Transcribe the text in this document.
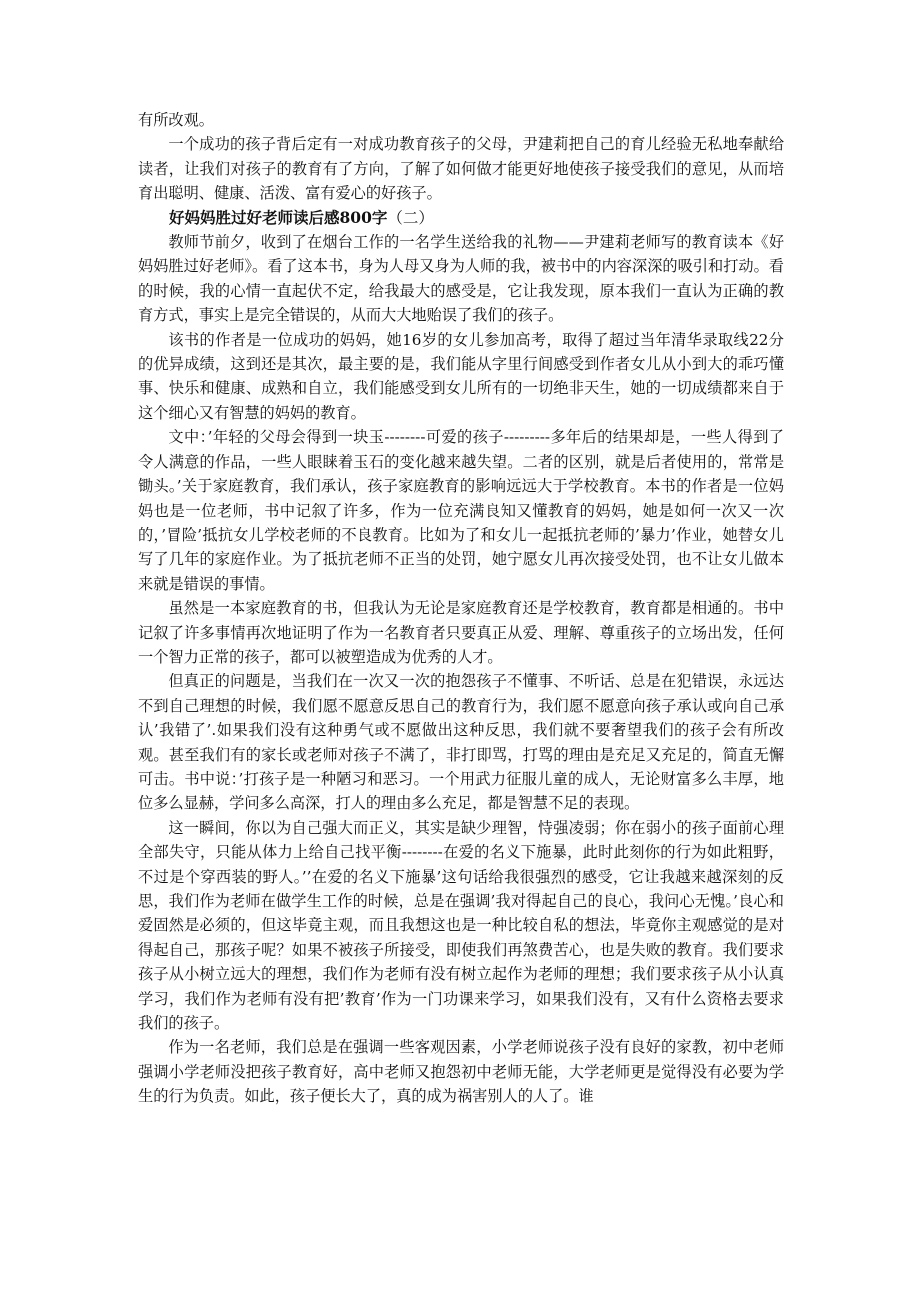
有所改观。

一个成功的孩子背后定有一对成功教育孩子的父母，尹建莉把自己的育儿经验无私地奉献给读者，让我们对孩子的教育有了方向，了解了如何做才能更好地使孩子接受我们的意见，从而培育出聪明、健康、活泼、富有爱心的好孩子。

好妈妈胜过好老师读后感800字（二）

教师节前夕，收到了在烟台工作的一名学生送给我的礼物——尹建莉老师写的教育读本《好妈妈胜过好老师》。看了这本书，身为人母又身为人师的我，被书中的内容深深的吸引和打动。看的时候，我的心情一直起伏不定，给我最大的感受是，它让我发现，原本我们一直认为正确的教育方式，事实上是完全错误的，从而大大地贻误了我们的孩子。

该书的作者是一位成功的妈妈，她16岁的女儿参加高考，取得了超过当年清华录取线22分的优异成绩，这到还是其次，最主要的是，我们能从字里行间感受到作者女儿从小到大的乖巧懂事、快乐和健康、成熟和自立，我们能感受到女儿所有的一切绝非天生，她的一切成绩都来自于这个细心又有智慧的妈妈的教育。

文中：’年轻的父母会得到一块玉--------可爱的孩子---------多年后的结果却是，一些人得到了令人满意的作品，一些人眼睐着玉石的变化越来越失望。二者的区别，就是后者使用的，常常是锄头。’关于家庭教育，我们承认，孩子家庭教育的影响远远大于学校教育。本书的作者是一位妈妈也是一位老师，书中记叙了许多，作为一位充满良知又懂教育的妈妈，她是如何一次又一次的，’冒险’抵抗女儿学校老师的不良教育。比如为了和女儿一起抵抗老师的’暴力’作业，她替女儿写了几年的家庭作业。为了抵抗老师不正当的处罚，她宁愿女儿再次接受处罚，也不让女儿做本来就是错误的事情。

虽然是一本家庭教育的书，但我认为无论是家庭教育还是学校教育，教育都是相通的。书中记叙了许多事情再次地证明了作为一名教育者只要真正从爱、理解、尊重孩子的立场出发，任何一个智力正常的孩子，都可以被塑造成为优秀的人才。

但真正的问题是，当我们在一次又一次的抱怨孩子不懂事、不听话、总是在犯错误，永远达不到自己理想的时候，我们愿不愿意反思自己的教育行为，我们愿不愿意向孩子承认或向自己承认’我错了’.如果我们没有这种勇气或不愿做出这种反思，我们就不要奢望我们的孩子会有所改观。甚至我们有的家长或老师对孩子不满了，非打即骂，打骂的理由是充足又充足的，简直无懈可击。书中说：’打孩子是一种陋习和恶习。一个用武力征服儿童的成人，无论财富多么丰厚，地位多么显赫，学问多么高深，打人的理由多么充足，都是智慧不足的表现。

这一瞬间，你以为自己强大而正义，其实是缺少理智，恃强凌弱；你在弱小的孩子面前心理全部失守，只能从体力上给自己找平衡--------在爱的名义下施暴，此时此刻你的行为如此粗野，不过是个穿西装的野人。’’在爱的名义下施暴’这句话给我很强烈的感受，它让我越来越深刻的反思，我们作为老师在做学生工作的时候，总是在强调’我对得起自己的良心，我问心无愧。’良心和爱固然是必须的，但这毕竟主观，而且我想这也是一种比较自私的想法，毕竟你主观感觉的是对得起自己，那孩子呢？如果不被孩子所接受，即使我们再煞费苦心，也是失败的教育。我们要求孩子从小树立远大的理想，我们作为老师有没有树立起作为老师的理想；我们要求孩子从小认真学习，我们作为老师有没有把’教育’作为一门功课来学习，如果我们没有，又有什么资格去要求我们的孩子。

作为一名老师，我们总是在强调一些客观因素，小学老师说孩子没有良好的家教，初中老师强调小学老师没把孩子教育好，高中老师又抱怨初中老师无能，大学老师更是觉得没有必要为学生的行为负责。如此，孩子便长大了，真的成为祸害别人的人了。谁
